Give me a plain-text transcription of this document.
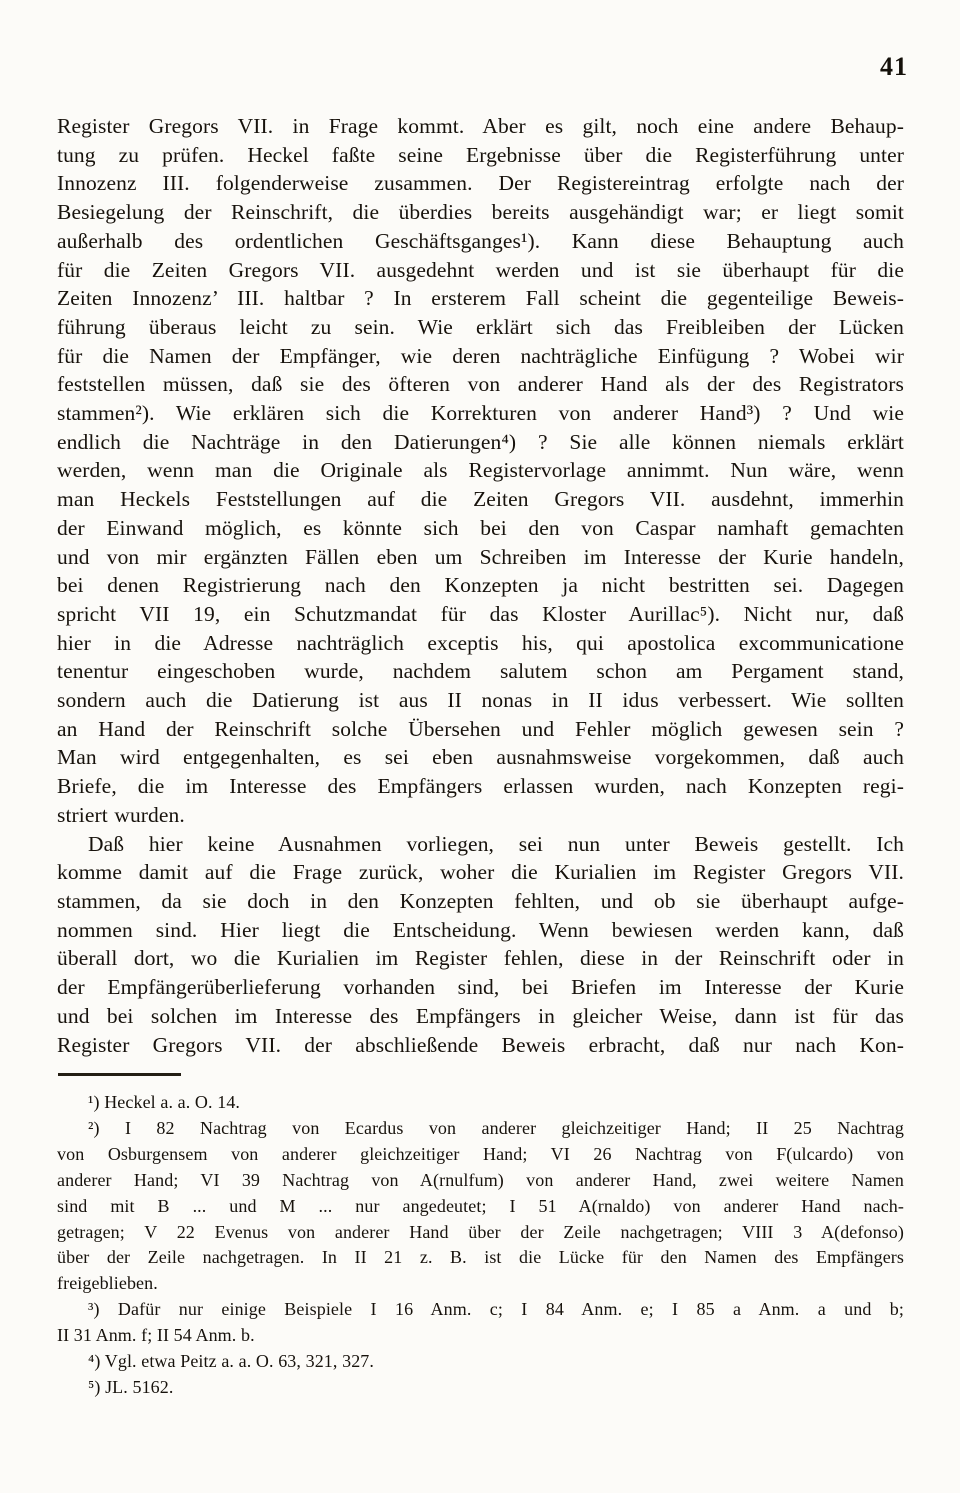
41
Register Gregors VII. in Frage kommt. Aber es gilt, noch eine andere Behaup-
tung zu prüfen. Heckel faßte seine Ergebnisse über die Registerführung unter
Innozenz III. folgenderweise zusammen. Der Registereintrag erfolgte nach der
Besiegelung der Reinschrift, die überdies bereits ausgehändigt war; er liegt somit
außerhalb des ordentlichen Geschäftsganges¹). Kann diese Behauptung auch
für die Zeiten Gregors VII. ausgedehnt werden und ist sie überhaupt für die
Zeiten Innozenz’ III. haltbar ? In ersterem Fall scheint die gegenteilige Beweis-
führung überaus leicht zu sein. Wie erklärt sich das Freibleiben der Lücken
für die Namen der Empfänger, wie deren nachträgliche Einfügung ? Wobei wir
feststellen müssen, daß sie des öfteren von anderer Hand als der des Registrators
stammen²). Wie erklären sich die Korrekturen von anderer Hand³) ? Und wie
endlich die Nachträge in den Datierungen⁴) ? Sie alle können niemals erklärt
werden, wenn man die Originale als Registervorlage annimmt. Nun wäre, wenn
man Heckels Feststellungen auf die Zeiten Gregors VII. ausdehnt, immerhin
der Einwand möglich, es könnte sich bei den von Caspar namhaft gemachten
und von mir ergänzten Fällen eben um Schreiben im Interesse der Kurie handeln,
bei denen Registrierung nach den Konzepten ja nicht bestritten sei. Dagegen
spricht VII 19, ein Schutzmandat für das Kloster Aurillac⁵). Nicht nur, daß
hier in die Adresse nachträglich exceptis his, qui apostolica excommunicatione
tenentur eingeschoben wurde, nachdem salutem schon am Pergament stand,
sondern auch die Datierung ist aus II nonas in II idus verbessert. Wie sollten
an Hand der Reinschrift solche Übersehen und Fehler möglich gewesen sein ?
Man wird entgegenhalten, es sei eben ausnahmsweise vorgekommen, daß auch
Briefe, die im Interesse des Empfängers erlassen wurden, nach Konzepten regi-
striert wurden.
Daß hier keine Ausnahmen vorliegen, sei nun unter Beweis gestellt. Ich
komme damit auf die Frage zurück, woher die Kurialien im Register Gregors VII.
stammen, da sie doch in den Konzepten fehlten, und ob sie überhaupt aufge-
nommen sind. Hier liegt die Entscheidung. Wenn bewiesen werden kann, daß
überall dort, wo die Kurialien im Register fehlen, diese in der Reinschrift oder in
der Empfängerüberlieferung vorhanden sind, bei Briefen im Interesse der Kurie
und bei solchen im Interesse des Empfängers in gleicher Weise, dann ist für das
Register Gregors VII. der abschließende Beweis erbracht, daß nur nach Kon-
¹) Heckel a. a. O. 14.
²) I 82 Nachtrag von Ecardus von anderer gleichzeitiger Hand; II 25 Nachtrag
von Osburgensem von anderer gleichzeitiger Hand; VI 26 Nachtrag von F(ulcardo) von
anderer Hand; VI 39 Nachtrag von A(rnulfum) von anderer Hand, zwei weitere Namen
sind mit B ... und M ... nur angedeutet; I 51 A(rnaldo) von anderer Hand nach-
getragen; V 22 Evenus von anderer Hand über der Zeile nachgetragen; VIII 3 A(defonso)
über der Zeile nachgetragen. In II 21 z. B. ist die Lücke für den Namen des Empfängers
freigeblieben.
³) Dafür nur einige Beispiele I 16 Anm. c; I 84 Anm. e; I 85 a Anm. a und b;
II 31 Anm. f; II 54 Anm. b.
⁴) Vgl. etwa Peitz a. a. O. 63, 321, 327.
⁵) JL. 5162.
